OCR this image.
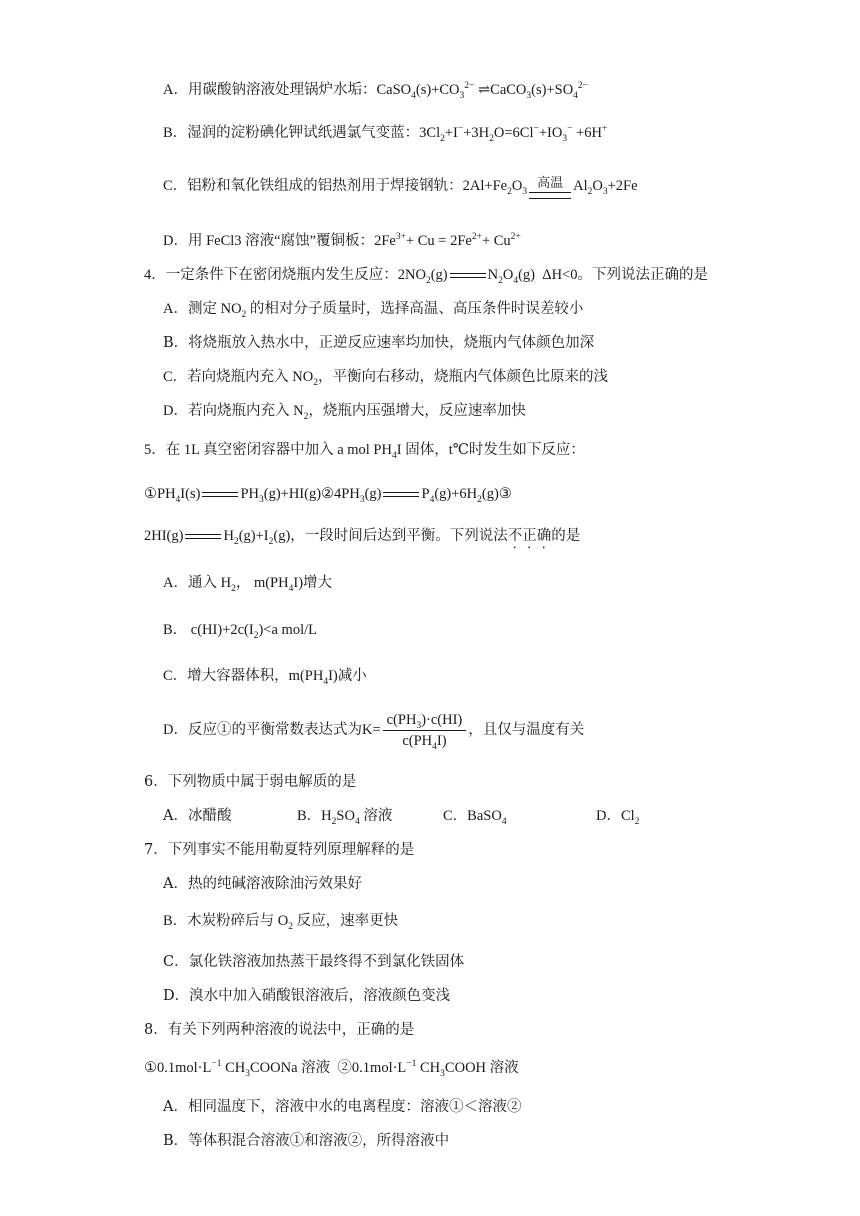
A．用碳酸钠溶液处理锅炉水垢：$CaSO_4(s)+CO_3^{2-}$ $\rightleftharpoons CaCO_3(s)+SO_4^{2-}$
B．湿润的淀粉碘化钾试纸遇氯气变蓝：$3Cl_2+I^-+3H_2O=6Cl^-+IO_3^- +6H^+$
C．铝粉和氧化铁组成的铝热剂用于焊接钢轨：$2Al+Fe_2O_3$
高温 $Al_2O_3+2Fe$
D．用 FeCl3 溶液“腐蚀”覆铜板：$2Fe^{3+}+ Cu = 2Fe^{2+}+ Cu^{2+}$
4．一定条件下在密闭烧瓶内发生反应：$2NO_2(g)$	$N_2O_4(g)$  ΔH<0。下列说法正确的是
A．测定 $NO_2$ 的相对分子质量时，选择高温、高压条件时误差较小
B．将烧瓶放入热水中，正逆反应速率均加快，烧瓶内气体颜色加深
C．若向烧瓶内充入 $NO_2$，平衡向右移动，烧瓶内气体颜色比原来的浅
D．若向烧瓶内充入 $N_2$，烧瓶内压强增大，反应速率加快
5．在 1L 真空密闭容器中加入 a mol $PH_4I$ 固体，t℃时发生如下反应：
$①PH_4I(s)$	$PH_3(g)+HI(g)②4PH_3(g)$	$P_4(g)+6H_2(g)③$
2HI(g)	$H_2(g)+I_2(g)$，一段时间后达到平衡。下列说法不正确的是
A．通入 $H_2$， $m(PH_4I)$增大
B． $c(HI)+2c(I_2)<a$ mol/L
C．增大容器体积，$m(PH_4I)$减小
D．反应①的平衡常数表达式为$K= \frac{c(PH_3)\cdot c(HI)}{c(PH_4I)}$ ，且仅与温度有关
6．下列物质中属于弱电解质的是
A．冰醋酸	B．$H_2SO_4$ 溶液	C．BaSO$_4$	D．$Cl_2$
7．下列事实不能用勒夏特列原理解释的是
A．热的纯碱溶液除油污效果好
B．木炭粉碎后与 $O_2$ 反应，速率更快
C．氯化铁溶液加热蒸干最终得不到氯化铁固体
D．溴水中加入硝酸银溶液后，溶液颜色变浅
8．有关下列两种溶液的说法中，正确的是
$①0.1mol\cdot L^{-1}$ $CH_3COONa$ 溶液  $②0.1mol\cdot L^{-1}$ $CH_3COOH$ 溶液
A．相同温度下，溶液中水的电离程度：溶液①＜溶液②
B．等体积混合溶液①和溶液②，所得溶液中
